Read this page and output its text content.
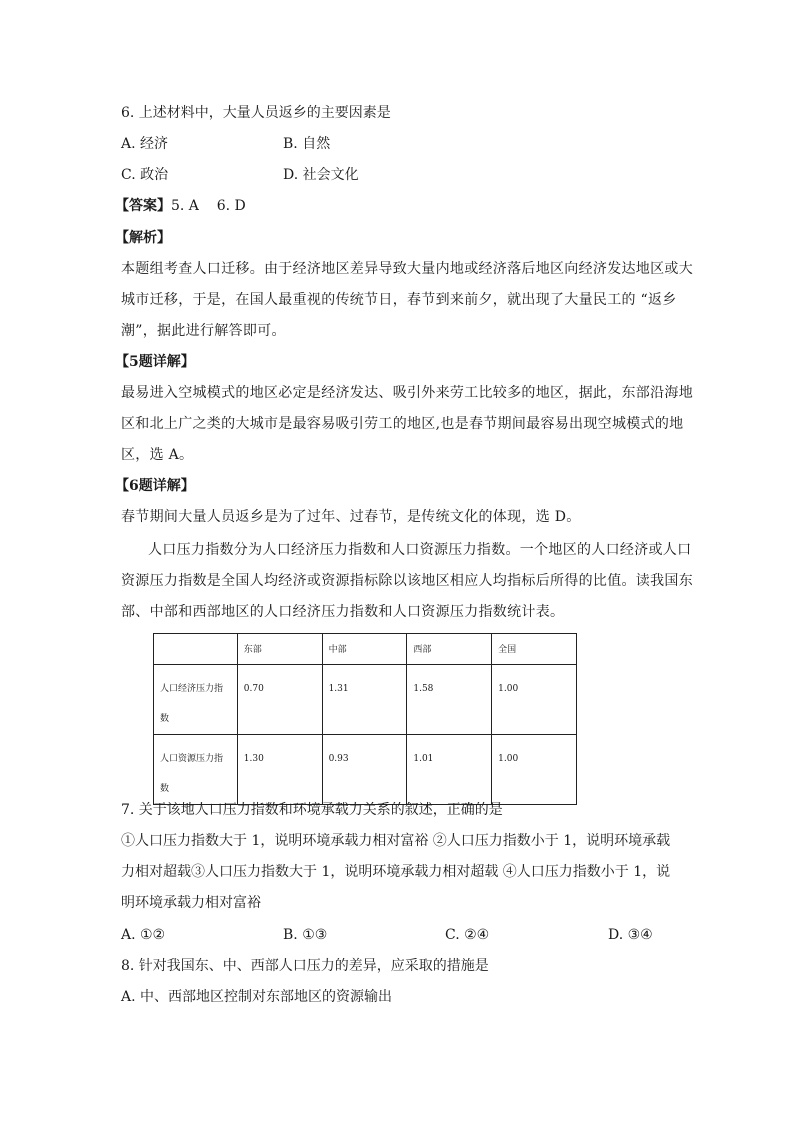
6. 上述材料中，大量人员返乡的主要因素是
A. 经济	B. 自然
C. 政治	D. 社会文化
【答案】5. A    6. D
【解析】
本题组考查人口迁移。由于经济地区差异导致大量内地或经济落后地区向经济发达地区或大
城市迁移，于是，在国人最重视的传统节日，春节到来前夕，就出现了大量民工的 “返乡
潮”，据此进行解答即可。
【5题详解】
最易进入空城模式的地区必定是经济发达、吸引外来劳工比较多的地区，据此，东部沿海地
区和北上广之类的大城市是最容易吸引劳工的地区,也是春节期间最容易出现空城模式的地
区，选 A。
【6题详解】
春节期间大量人员返乡是为了过年、过春节，是传统文化的体现，选 D。
人口压力指数分为人口经济压力指数和人口资源压力指数。一个地区的人口经济或人口
资源压力指数是全国人均经济或资源指标除以该地区相应人均指标后所得的比值。读我国东
部、中部和西部地区的人口经济压力指数和人口资源压力指数统计表。

	东部	中部	西部	全国

人口经济压力指
数	0.70	1.31	1.58	1.00

人口资源压力指
数	1.30	0.93	1.01	1.00
7. 关于该地人口压力指数和环境承载力关系的叙述，正确的是
①人口压力指数大于 1，说明环境承载力相对富裕 ②人口压力指数小于 1，说明环境承载
力相对超载③人口压力指数大于 1，说明环境承载力相对超载 ④人口压力指数小于 1，说
明环境承载力相对富裕
A. ①②	B. ①③	C. ②④	D. ③④
8. 针对我国东、中、西部人口压力的差异，应采取的措施是
A. 中、西部地区控制对东部地区的资源输出
